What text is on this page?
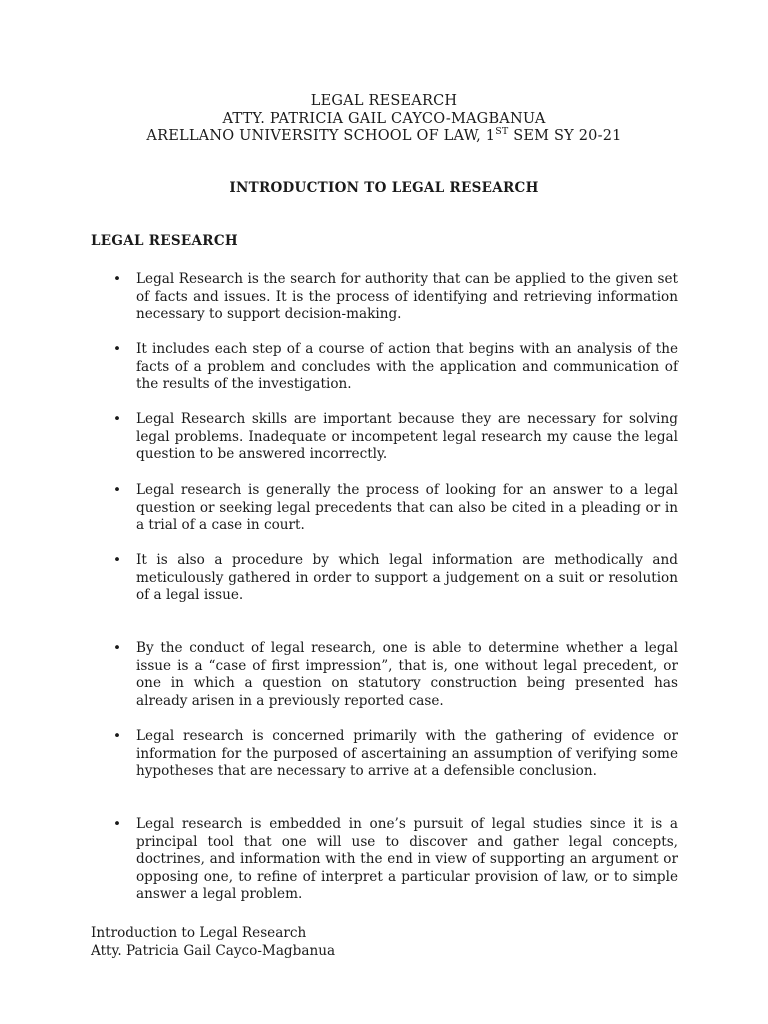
LEGAL RESEARCH
ATTY. PATRICIA GAIL CAYCO-MAGBANUA
ARELLANO UNIVERSITY SCHOOL OF LAW, 1ST SEM SY 20-21
INTRODUCTION TO LEGAL RESEARCH
LEGAL RESEARCH
•	Legal Research is the search for authority that can be applied to the given set of facts and issues. It is the process of identifying and retrieving information necessary to support decision-making.
•	It includes each step of a course of action that begins with an analysis of the facts of a problem and concludes with the application and communication of the results of the investigation.
•	Legal Research skills are important because they are necessary for solving legal problems. Inadequate or incompetent legal research my cause the legal question to be answered incorrectly.
•	Legal research is generally the process of looking for an answer to a legal question or seeking legal precedents that can also be cited in a pleading or in a trial of a case in court.
•	It is also a procedure by which legal information are methodically and meticulously gathered in order to support a judgement on a suit or resolution of a legal issue.
•	By the conduct of legal research, one is able to determine whether a legal issue is a “case of first impression”, that is, one without legal precedent, or one in which a question on statutory construction being presented has already arisen in a previously reported case.
•	Legal research is concerned primarily with the gathering of evidence or information for the purposed of ascertaining an assumption of verifying some hypotheses that are necessary to arrive at a defensible conclusion.
•	Legal research is embedded in one’s pursuit of legal studies since it is a principal tool that one will use to discover and gather legal concepts, doctrines, and information with the end in view of supporting an argument or opposing one, to refine of interpret a particular provision of law, or to simple answer a legal problem.
Introduction to Legal Research
Atty. Patricia Gail Cayco-Magbanua
